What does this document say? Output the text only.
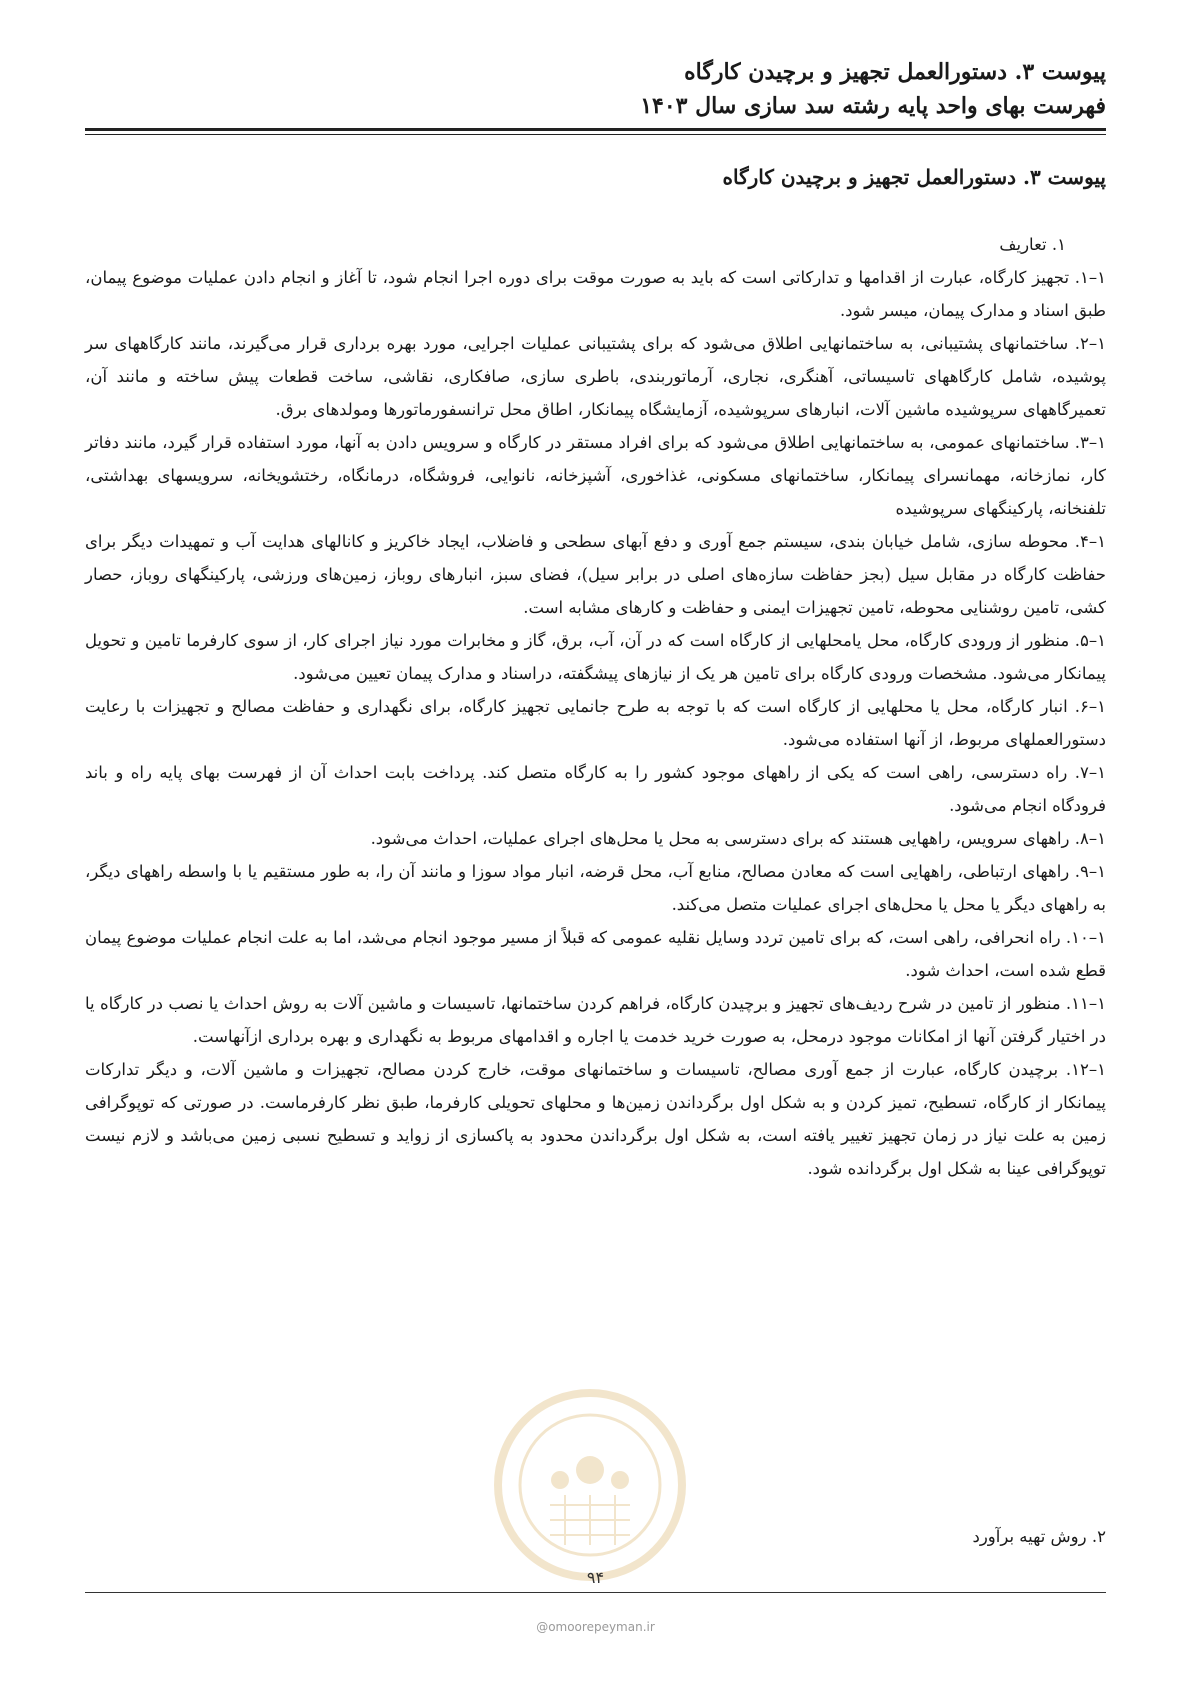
پیوست ۳. دستورالعمل تجهیز و برچیدن کارگاه
فهرست بهای واحد پایه رشته سد سازی سال ۱۴۰۳
پیوست ۳. دستورالعمل تجهیز و برچیدن کارگاه

۱. تعاریف

۱–۱. تجهیز کارگاه، عبارت از اقدامها و تدارکاتی است که باید به صورت موقت برای دوره اجرا انجام شود، تا آغاز و انجام دادن عملیات موضوع پیمان، طبق اسناد و مدارک پیمان، میسر شود.

۱–۲. ساختمانهای پشتیبانی، به ساختمانهایی اطلاق می‌شود که برای پشتیبانی عملیات اجرایی، مورد بهره برداری قرار می‌گیرند، مانند کارگاههای سر پوشیده، شامل کارگاههای تاسیساتی، آهنگری، نجاری، آرماتوربندی، باطری سازی، صافکاری، نقاشی، ساخت قطعات پیش ساخته و مانند آن، تعمیرگاههای سرپوشیده ماشین آلات، انبارهای سرپوشیده، آزمایشگاه پیمانکار، اطاق محل ترانسفورماتورها ومولدهای برق.

۱–۳. ساختمانهای عمومی، به ساختمانهایی اطلاق می‌شود که برای افراد مستقر در کارگاه و سرویس دادن به آنها، مورد استفاده قرار گیرد، مانند دفاتر کار، نمازخانه، مهمانسرای پیمانکار، ساختمانهای مسکونی، غذاخوری، آشپزخانه، نانوایی، فروشگاه، درمانگاه، رختشویخانه، سرویسهای بهداشتی، تلفنخانه، پارکینگهای سرپوشیده

۱–۴. محوطه سازی، شامل خیابان بندی، سیستم جمع آوری و دفع آبهای سطحی و فاضلاب، ایجاد خاکریز و کانالهای هدایت آب و تمهیدات دیگر برای حفاظت کارگاه در مقابل سیل (بجز حفاظت سازه‌های اصلی در برابر سیل)، فضای سبز، انبارهای روباز، زمین‌های ورزشی، پارکینگهای روباز، حصار کشی، تامین روشنایی محوطه، تامین تجهیزات ایمنی و حفاظت و کارهای مشابه است.

۱–۵. منظور از ورودی کارگاه، محل یامحلهایی از کارگاه است که در آن، آب، برق، گاز و مخابرات مورد نیاز اجرای کار، از سوی کارفرما تامین و تحویل پیمانکار می‌شود. مشخصات ورودی کارگاه برای تامین هر یک از نیازهای پیشگفته، دراسناد و مدارک پیمان تعیین می‌شود.

۱–۶. انبار کارگاه، محل یا محلهایی از کارگاه است که با توجه به طرح جانمایی تجهیز کارگاه، برای نگهداری و حفاظت مصالح و تجهیزات با رعایت دستورالعملهای مربوط، از آنها استفاده می‌شود.

۱–۷. راه دسترسی، راهی است که یکی از راههای موجود کشور را به کارگاه متصل کند. پرداخت بابت احداث آن از فهرست بهای پایه راه و باند فرودگاه انجام می‌شود.

۱–۸. راههای سرویس، راههایی هستند که برای دسترسی به محل یا محل‌های اجرای عملیات، احداث می‌شود.

۱–۹. راههای ارتباطی، راههایی است که معادن مصالح، منابع آب، محل قرضه، انبار مواد سوزا و مانند آن را، به طور مستقیم یا با واسطه راههای دیگر، به راههای دیگر یا محل یا محل‌های اجرای عملیات متصل می‌کند.

۱–۱۰. راه انحرافی، راهی است، که برای تامین تردد وسایل نقلیه عمومی که قبلاً از مسیر موجود انجام می‌شد، اما به علت انجام عملیات موضوع پیمان قطع شده است، احداث شود.

۱–۱۱. منظور از تامین در شرح ردیف‌های تجهیز و برچیدن کارگاه، فراهم کردن ساختمانها، تاسیسات و ماشین آلات به روش احداث یا نصب در کارگاه یا در اختیار گرفتن آنها از امکانات موجود درمحل، به صورت خرید خدمت یا اجاره و اقدامهای مربوط به نگهداری و بهره برداری ازآنهاست.

۱–۱۲. برچیدن کارگاه، عبارت از جمع آوری مصالح، تاسیسات و ساختمانهای موقت، خارج کردن مصالح، تجهیزات و ماشین آلات، و دیگر تدارکات پیمانکار از کارگاه، تسطیح، تمیز کردن و به شکل اول برگرداندن زمین‌ها و محلهای تحویلی کارفرما، طبق نظر کارفرماست. در صورتی که توپوگرافی زمین به علت نیاز در زمان تجهیز تغییر یافته است، به شکل اول برگرداندن محدود به پاکسازی از زواید و تسطیح نسبی زمین می‌باشد و لازم نیست توپوگرافی عینا به شکل اول برگردانده شود.

۲. روش تهیه برآورد
۹۴
@omoorepeyman.ir
